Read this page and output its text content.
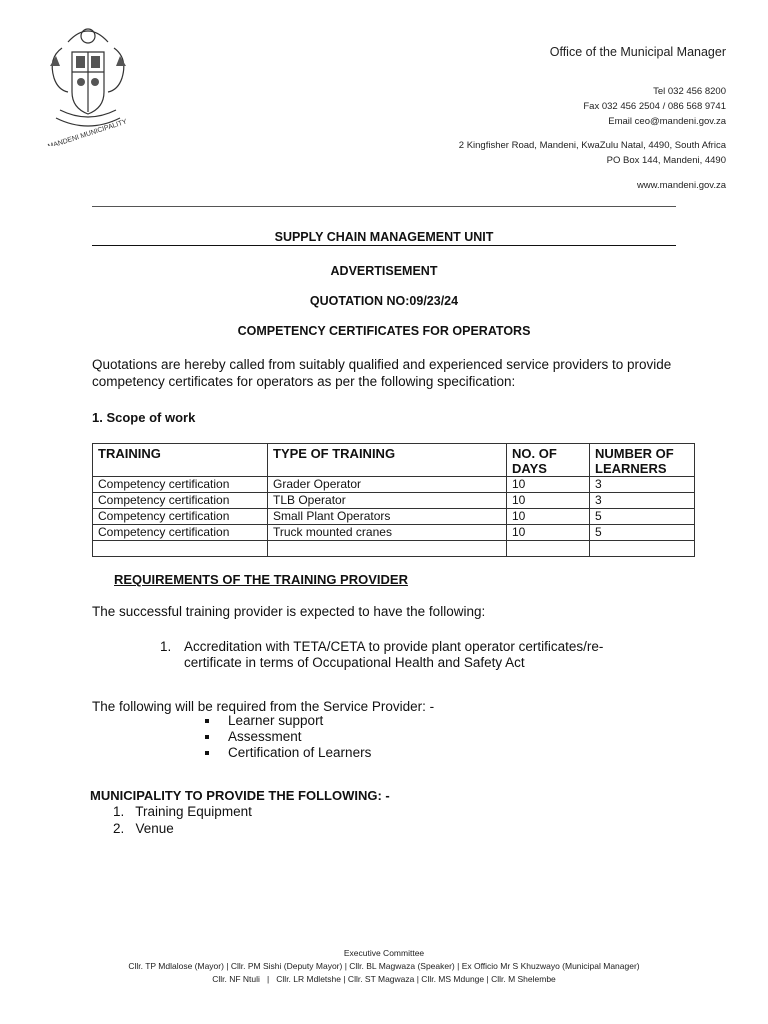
MANDENI MUNICIPALITY
Office of the Municipal Manager
Tel 032 456 8200
Fax 032 456 2504 / 086 568 9741
Email ceo@mandeni.gov.za
2 Kingfisher Road, Mandeni, KwaZulu Natal, 4490, South Africa
PO Box 144, Mandeni, 4490
www.mandeni.gov.za
SUPPLY CHAIN MANAGEMENT UNIT
ADVERTISEMENT
QUOTATION NO:09/23/24
COMPETENCY CERTIFICATES FOR OPERATORS
Quotations are hereby called from suitably qualified and experienced service providers to provide competency certificates for operators as per the following specification:
1. Scope of work
TRAINING	TYPE OF TRAINING	NO. OF DAYS	NUMBER OF LEARNERS
Competency certification	Grader Operator	10	3
Competency certification	TLB Operator	10	3
Competency certification	Small Plant Operators	10	5
Competency certification	Truck mounted cranes	10	5

REQUIREMENTS OF THE TRAINING PROVIDER
The successful training provider is expected to have the following:
1. Accreditation with TETA/CETA to provide plant operator certificates/re-certificate in terms of Occupational Health and Safety Act
The following will be required from the Service Provider: -
Learner support
Assessment
Certification of Learners
MUNICIPALITY TO PROVIDE THE FOLLOWING: -
1.   Training Equipment
2.   Venue
Executive Committee
Cllr. TP Mdlalose (Mayor) | Cllr. PM Sishi (Deputy Mayor) | Cllr. BL Magwaza (Speaker) | Ex Officio Mr S Khuzwayo (Municipal Manager)
Cllr. NF Ntuli   |   Cllr. LR Mdletshe | Cllr. ST Magwaza | Cllr. MS Mdunge | Cllr. M Shelembe
